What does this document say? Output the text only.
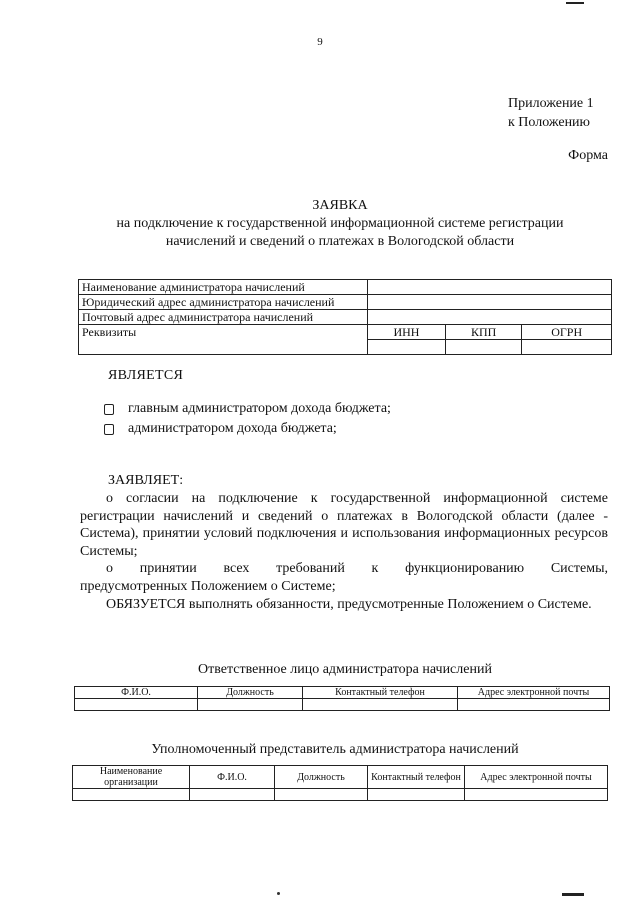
9
Приложение 1
к Положению
Форма
ЗАЯВКА
на подключение к государственной информационной системе регистрации
начислений и сведений о платежах в Вологодской области
Наименование администратора начислений			
Юридический адрес администратора начислений			
Почтовый адрес администратора начислений			
Реквизиты	ИНН	КПП	ОГРН

ЯВЛЯЕТСЯ
главным администратором дохода бюджета;
администратором дохода бюджета;
ЗАЯВЛЯЕТ:
о согласии на подключение к государственной информационной системе регистрации начислений и сведений о платежах в Вологодской области (далее - Система), принятии условий подключения и использования информационных ресурсов Системы;
о принятии всех требований к функционированию Системы,
предусмотренных Положением о Системе;
ОБЯЗУЕТСЯ выполнять обязанности, предусмотренные Положением о Системе.
Ответственное лицо администратора начислений
Ф.И.О.	Должность	Контактный телефон	Адрес электронной почты

Уполномоченный представитель администратора начислений
Наименование организации	Ф.И.О.	Должность	Контактный телефон	Адрес электронной почты
